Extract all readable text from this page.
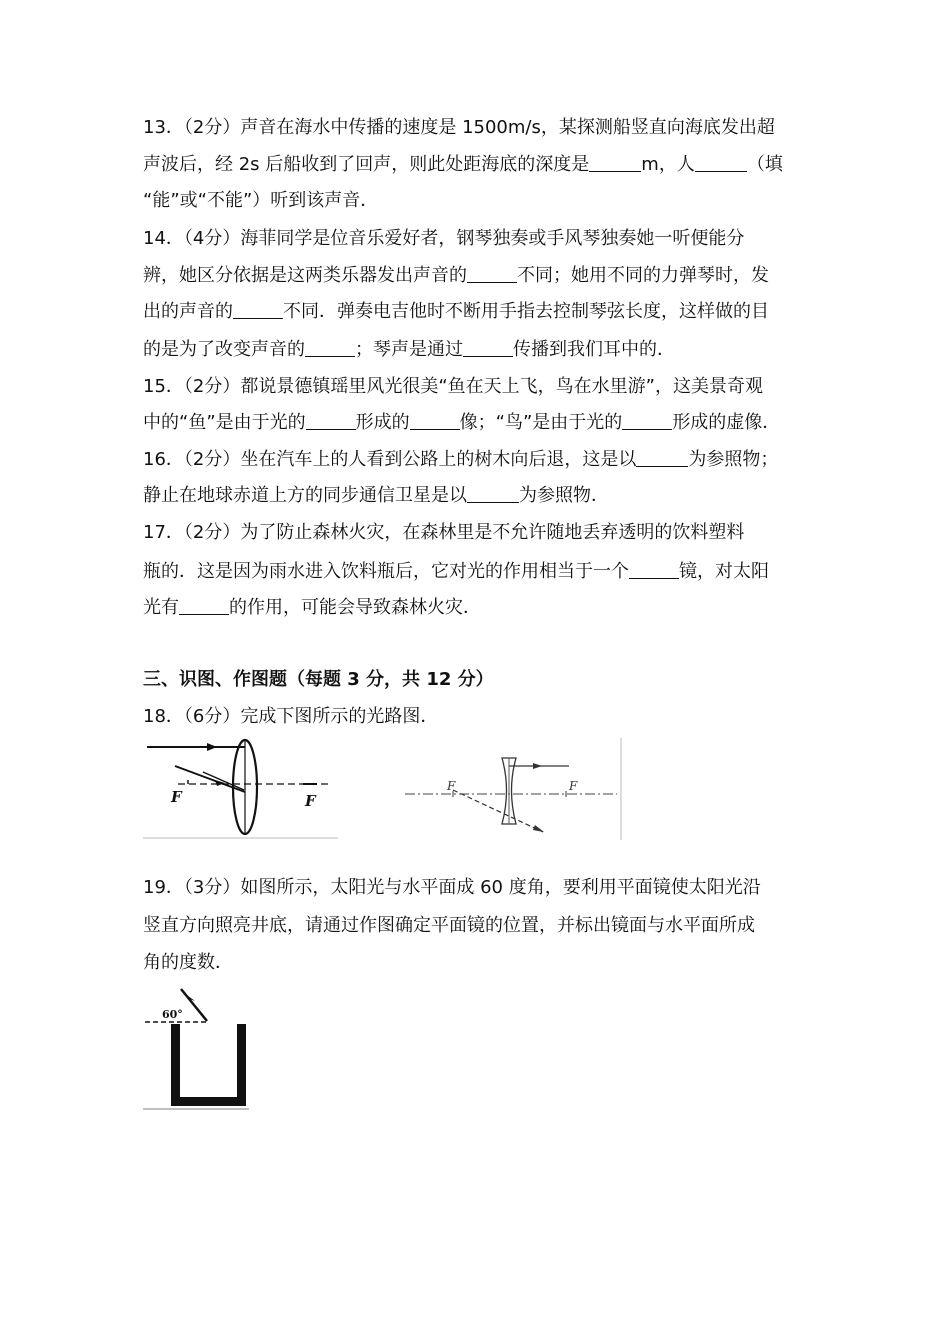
13．（2分）声音在海水中传播的速度是 1500m/s，某探测船竖直向海底发出超

声波后，经 2s 后船收到了回声，则此处距海底的深度是	m，人	（填

“能”或“不能”）听到该声音．

14．（4分）海菲同学是位音乐爱好者，钢琴独奏或手风琴独奏她一听便能分

辨，她区分依据是这两类乐器发出声音的	不同；她用不同的力弹琴时，发

出的声音的	不同．弹奏电吉他时不断用手指去控制琴弦长度，这样做的目

的是为了改变声音的	；琴声是通过	传播到我们耳中的．

15．（2分）都说景德镇瑶里风光很美“鱼在天上飞，鸟在水里游”，这美景奇观

中的“鱼”是由于光的	形成的	像；“鸟”是由于光的	形成的虚像．

16．（2分）坐在汽车上的人看到公路上的树木向后退，这是以	为参照物；

静止在地球赤道上方的同步通信卫星是以	为参照物．

17．（2分）为了防止森林火灾，在森林里是不允许随地丢弃透明的饮料塑料

瓶的．这是因为雨水进入饮料瓶后，它对光的作用相当于一个	镜，对太阳

光有	的作用，可能会导致森林火灾．

三、识图、作图题（每题 3 分，共 12 分）

18．（6分）完成下图所示的光路图．

F	F
F	F

19．（3分）如图所示，太阳光与水平面成 60 度角，要利用平面镜使太阳光沿

竖直方向照亮井底，请通过作图确定平面镜的位置，并标出镜面与水平面所成

角的度数．

60°
